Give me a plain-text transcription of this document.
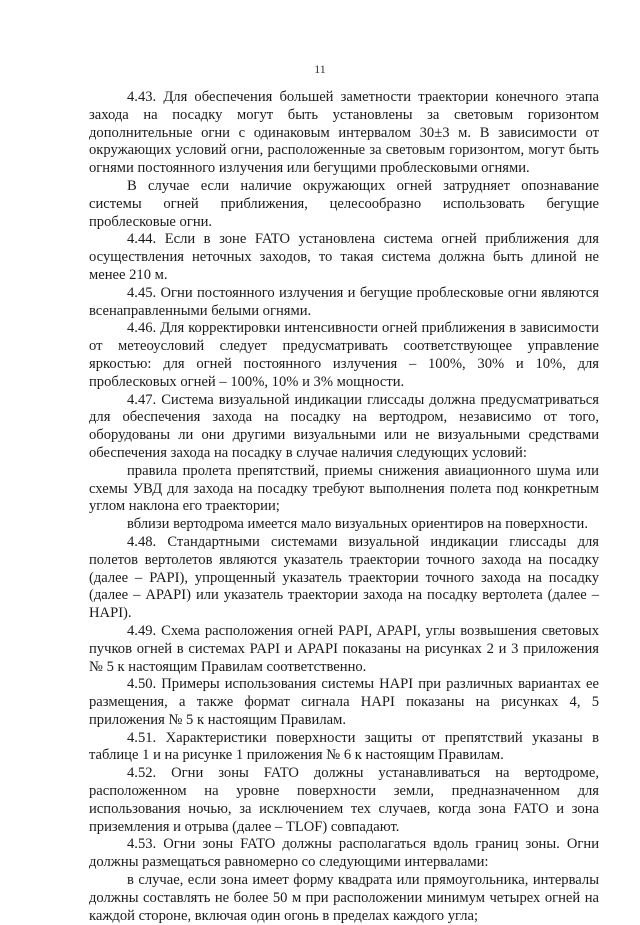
11

4.43. Для обеспечения большей заметности траектории конечного этапа захода на посадку могут быть установлены за световым горизонтом дополнительные огни с одинаковым интервалом 30±3 м. В зависимости от окружающих условий огни, расположенные за световым горизонтом, могут быть огнями постоянного излучения или бегущими проблесковыми огнями.

В случае если наличие окружающих огней затрудняет опознавание системы огней приближения, целесообразно использовать бегущие проблесковые огни.

4.44. Если в зоне FATO установлена система огней приближения для осуществления неточных заходов, то такая система должна быть длиной не менее 210 м.

4.45. Огни постоянного излучения и бегущие проблесковые огни являются всенаправленными белыми огнями.

4.46. Для корректировки интенсивности огней приближения в зависимости от метеоусловий следует предусматривать соответствующее управление яркостью: для огней постоянного излучения – 100%, 30% и 10%, для проблесковых огней – 100%, 10% и 3% мощности.

4.47. Система визуальной индикации глиссады должна предусматриваться для обеспечения захода на посадку на вертодром, независимо от того, оборудованы ли они другими визуальными или не визуальными средствами обеспечения захода на посадку в случае наличия следующих условий:

правила пролета препятствий, приемы снижения авиационного шума или схемы УВД для захода на посадку требуют выполнения полета под конкретным углом наклона его траектории;

вблизи вертодрома имеется мало визуальных ориентиров на поверхности.

4.48. Стандартными системами визуальной индикации глиссады для полетов вертолетов являются указатель траектории точного захода на посадку (далее – PAPI), упрощенный указатель траектории точного захода на посадку (далее – APAPI) или указатель траектории захода на посадку вертолета (далее – HAPI).

4.49. Схема расположения огней PAPI, APAPI, углы возвышения световых пучков огней в системах PAPI и APAPI показаны на рисунках 2 и 3 приложения № 5 к настоящим Правилам соответственно.

4.50. Примеры использования системы HAPI при различных вариантах ее размещения, а также формат сигнала HAPI показаны на рисунках 4, 5 приложения № 5 к настоящим Правилам.

4.51. Характеристики поверхности защиты от препятствий указаны в таблице 1 и на рисунке 1 приложения № 6 к настоящим Правилам.

4.52. Огни зоны FATO должны устанавливаться на вертодроме, расположенном на уровне поверхности земли, предназначенном для использования ночью, за исключением тех случаев, когда зона FATO и зона приземления и отрыва (далее – TLOF) совпадают.

4.53. Огни зоны FATO должны располагаться вдоль границ зоны. Огни должны размещаться равномерно со следующими интервалами:

в случае, если зона имеет форму квадрата или прямоугольника, интервалы должны составлять не более 50 м при расположении минимум четырех огней на каждой стороне, включая один огонь в пределах каждого угла;
